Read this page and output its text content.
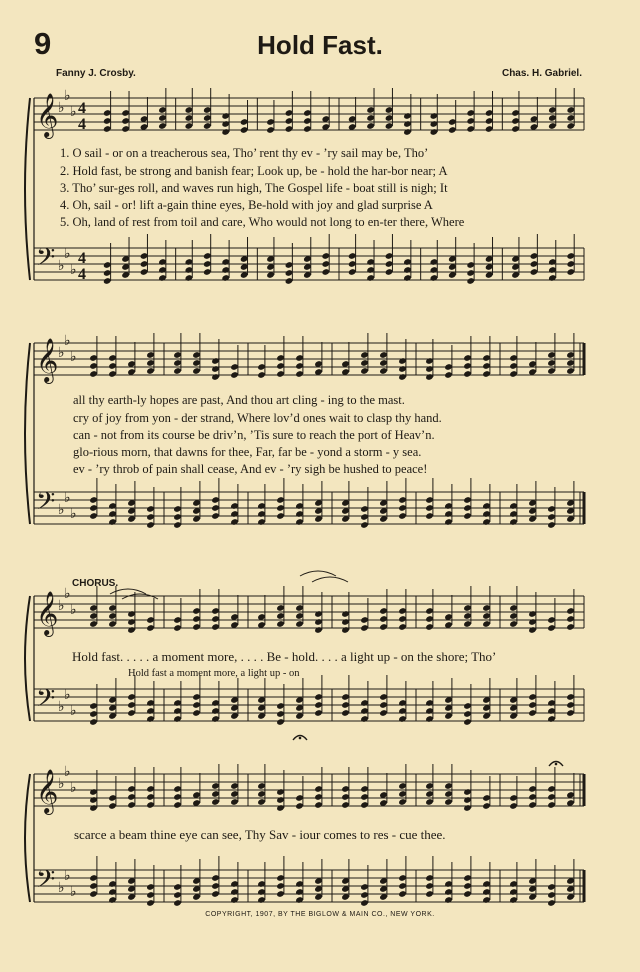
9	Hold Fast.
Fanny J. Crosby.	Chas. H. Gabriel.
𝄞
𝄢
♭
♭
♭
♭
♭
♭
4
4
4
4
𝄞
𝄢
♭
♭
♭
♭
♭
♭
𝄞
𝄢
♭
♭
♭
♭
♭
♭
𝄞
𝄢
♭
♭
♭
♭
♭
♭
1. O sail - or on a treacherous sea, Tho’ rent thy ev - ’ry sail may be, Tho’
2. Hold fast, be strong and banish fear; Look up, be - hold the har-bor near; A
3. Tho’ sur-ges roll, and waves run high, The Gospel life - boat still is nigh; It
4. Oh, sail - or! lift a-gain thine eyes, Be-hold with joy and glad surprise A
5. Oh, land of rest from toil and care, Who would not long to en-ter there, Where
all thy earth-ly hopes are past, And thou art cling - ing to the mast.
cry of joy from yon - der strand, Where lov’d ones wait to clasp thy hand.
can - not from its course be driv’n, ’Tis sure to reach the port of Heav’n.
glo-rious morn, that dawns for thee, Far, far be - yond a storm - y sea.
ev - ’ry throb of pain shall cease, And ev - ’ry sigh be hushed to peace!
CHORUS.
Hold fast. . . . . a moment more, . . . . Be - hold. . . . a light up - on the shore; Tho’
Hold fast a moment more, a light up - on
scarce a beam thine eye can see, Thy Sav - iour comes to res - cue thee.
COPYRIGHT, 1907, BY THE BIGLOW & MAIN CO., NEW YORK.
